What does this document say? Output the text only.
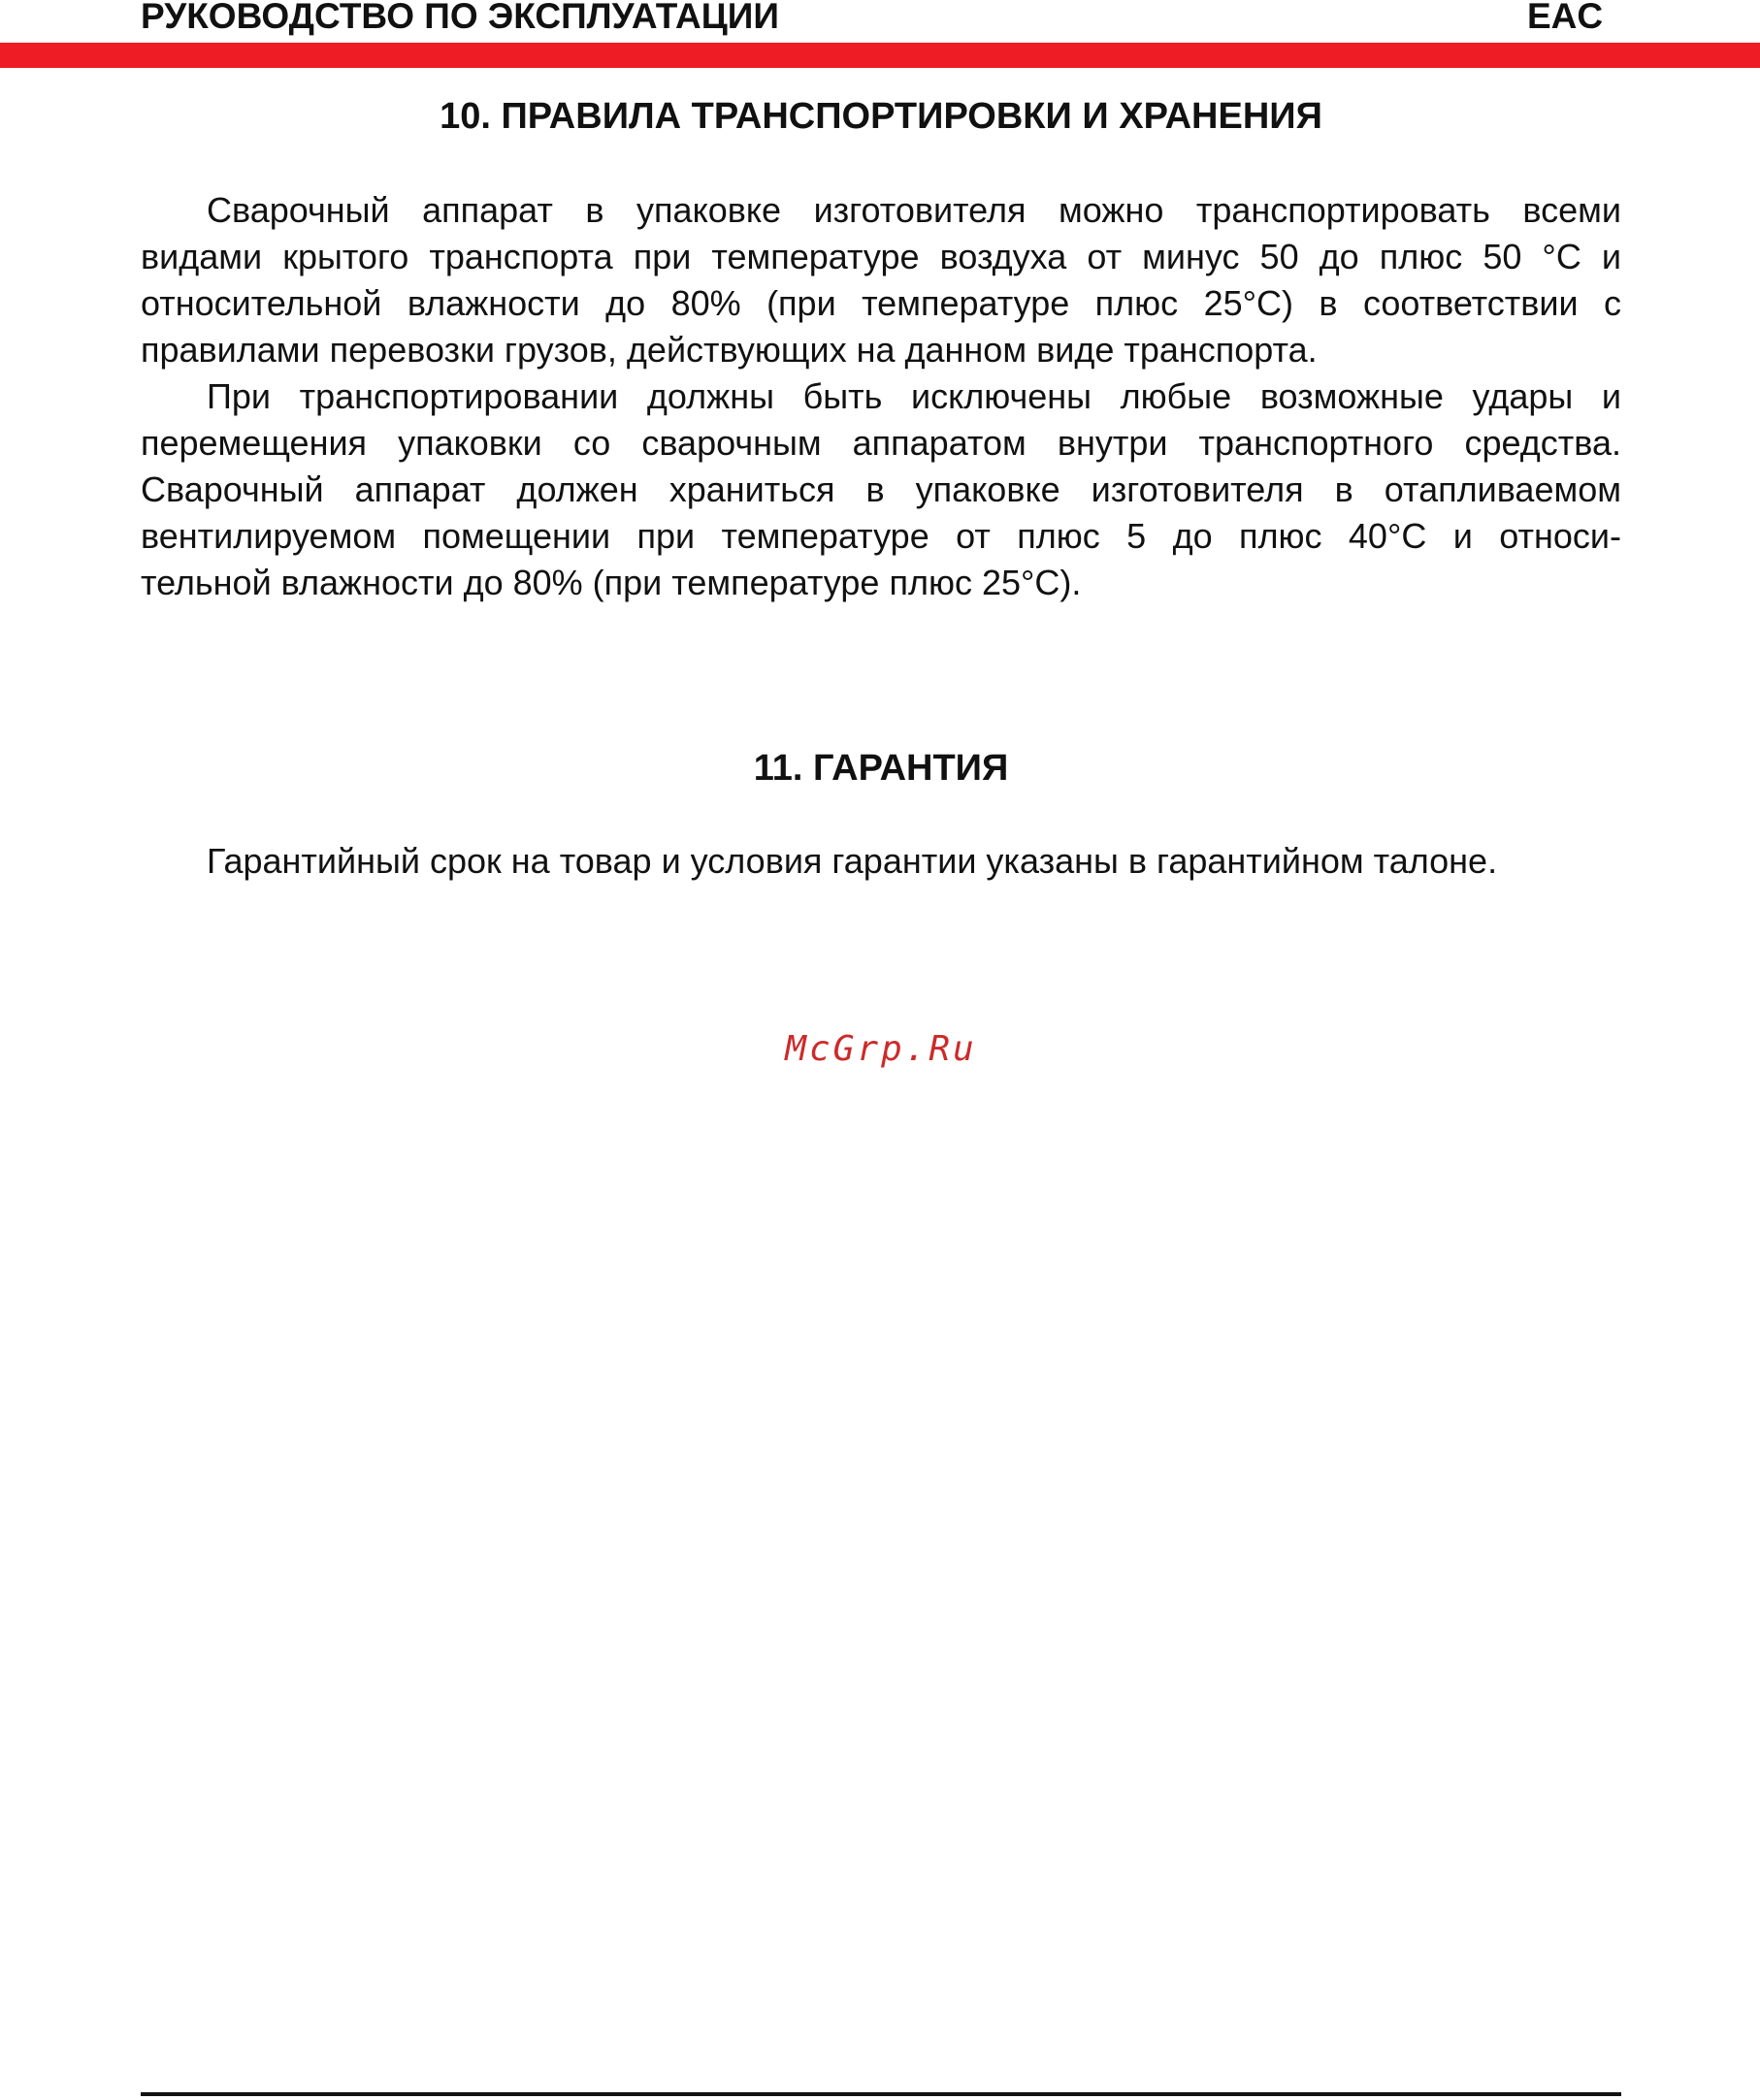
РУКОВОДСТВО ПО ЭКСПЛУАТАЦИИ	EAC
10. ПРАВИЛА ТРАНСПОРТИРОВКИ И ХРАНЕНИЯ
Сварочный аппарат в упаковке изготовителя можно транспортировать всеми
видами крытого транспорта при температуре воздуха от минус 50 до плюс 50 °С и
относительной влажности до 80% (при температуре плюс 25°С) в соответствии с
правилами перевозки грузов, действующих на данном виде транспорта.
При транспортировании должны быть исключены любые возможные удары и
перемещения упаковки со сварочным аппаратом внутри транспортного средства.
Сварочный аппарат должен храниться в упаковке изготовителя в отапливаемом
вентилируемом помещении при температуре от плюс 5 до плюс 40°С и относи-
тельной влажности до 80% (при температуре плюс 25°С).
11. ГАРАНТИЯ
Гарантийный срок на товар и условия гарантии указаны в гарантийном талоне.
McGrp.Ru
